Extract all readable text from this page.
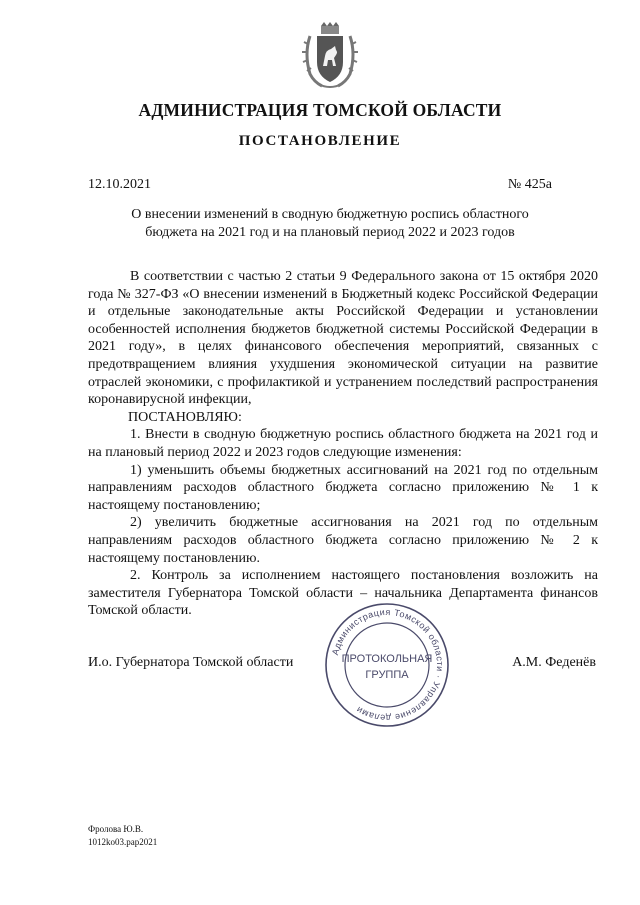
АДМИНИСТРАЦИЯ ТОМСКОЙ ОБЛАСТИ
ПОСТАНОВЛЕНИЕ
12.10.2021	№ 425а
О внесении изменений в сводную бюджетную роспись областного бюджета на 2021 год и на плановый период 2022 и 2023 годов

В соответствии с частью 2 статьи 9 Федерального закона от 15 октября 2020 года № 327-ФЗ «О внесении изменений в Бюджетный кодекс Российской Федерации и отдельные законодательные акты Российской Федерации и установлении особенностей исполнения бюджетов бюджетной системы Российской Федерации в 2021 году», в целях финансового обеспечения мероприятий, связанных с предотвращением влияния ухудшения экономической ситуации на развитие отраслей экономики, с профилактикой и устранением последствий распространения коронавирусной инфекции,

ПОСТАНОВЛЯЮ:

1. Внести в сводную бюджетную роспись областного бюджета на 2021 год и на плановый период 2022 и 2023 годов следующие изменения:

1) уменьшить объемы бюджетных ассигнований на 2021 год по отдельным направлениям расходов областного бюджета согласно приложению № 1 к настоящему постановлению;

2) увеличить бюджетные ассигнования на 2021 год по отдельным направлениям расходов областного бюджета согласно приложению № 2 к настоящему постановлению.

2. Контроль за исполнением настоящего постановления возложить на заместителя Губернатора Томской области – начальника Департамента финансов Томской области.

И.о. Губернатора Томской области	А.М. Феденёв
Администрация Томской области · Управление делами
ПРОТОКОЛЬНАЯ
ГРУППА
Фролова Ю.В.
1012ko03.pap2021
